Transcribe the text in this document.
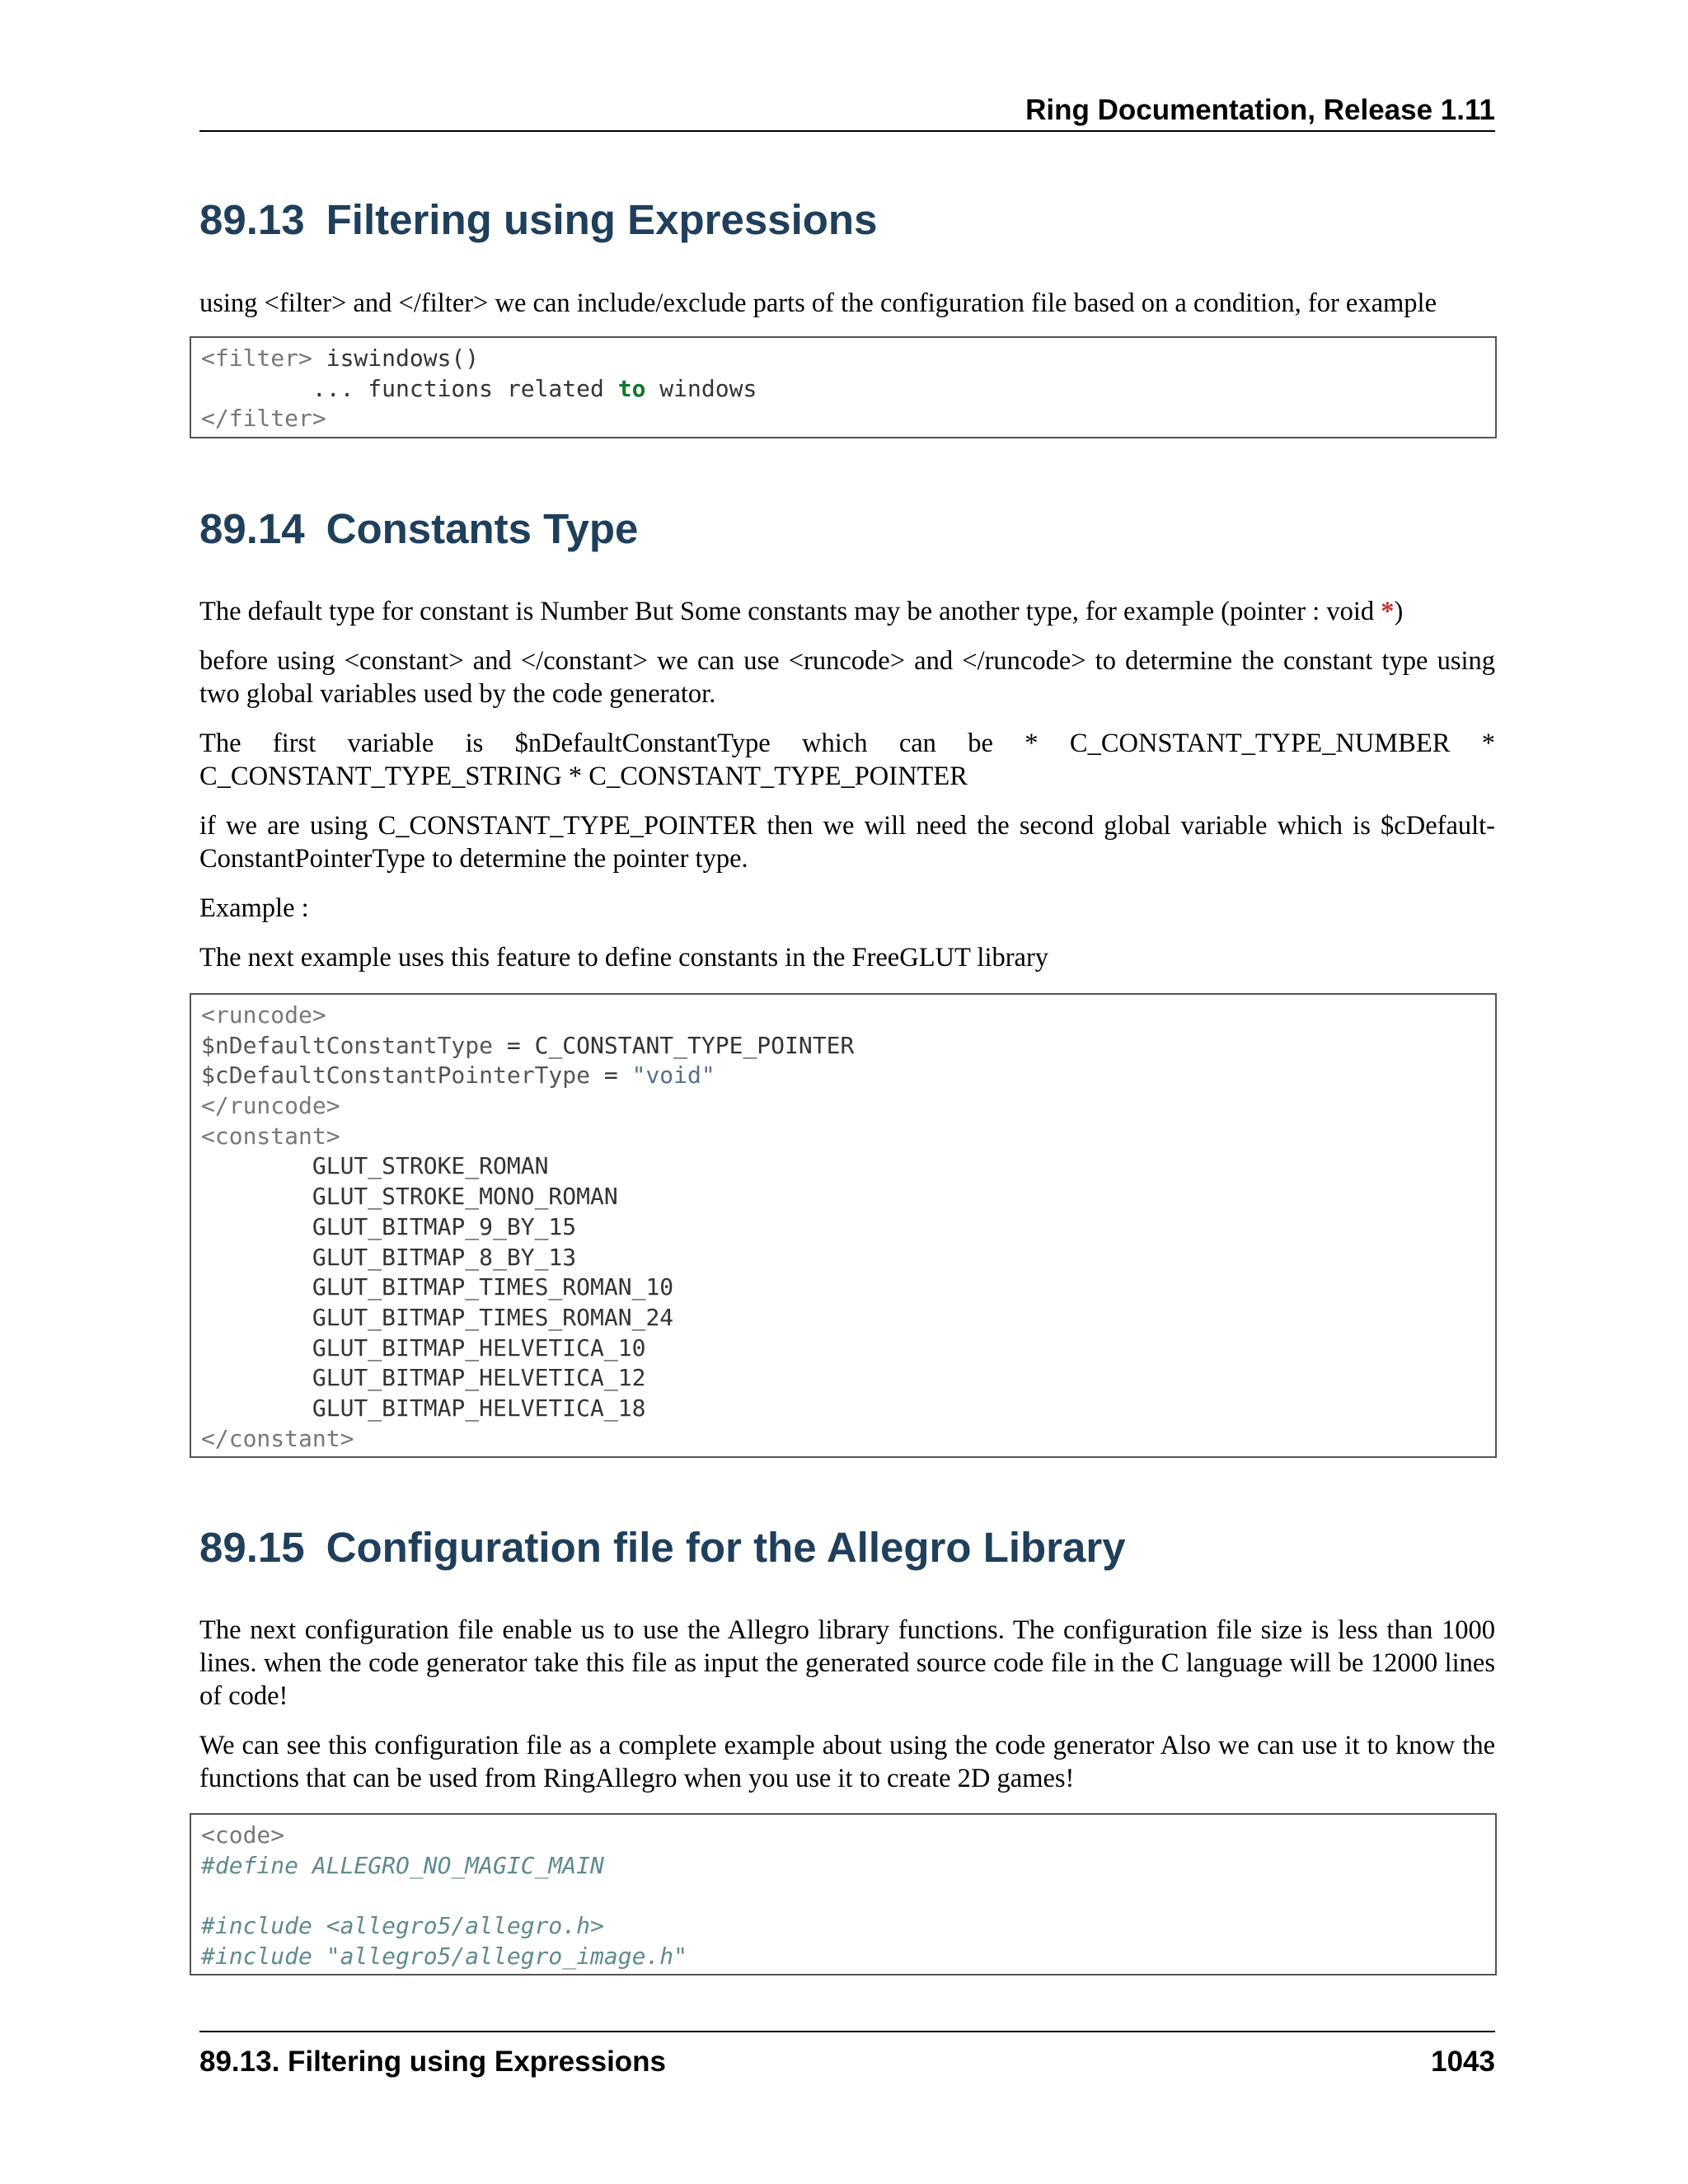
Ring Documentation, Release 1.11
89.13 Filtering using Expressions

using <filter> and </filter> we can include/exclude parts of the configuration file based on a condition, for example

<filter> iswindows()
... functions related to windows
</filter>
89.14 Constants Type

The default type for constant is Number But Some constants may be another type, for example (pointer : void *)

before using <constant> and </constant> we can use <runcode> and </runcode> to determine the constant type using two global variables used by the code generator.

The first variable is $nDefaultConstantType which can be * C_CONSTANT_TYPE_NUMBER * C_CONSTANT_TYPE_STRING * C_CONSTANT_TYPE_POINTER

if we are using C_CONSTANT_TYPE_POINTER then we will need the second global variable which is $cDefault-ConstantPointerType to determine the pointer type.

Example :

The next example uses this feature to define constants in the FreeGLUT library

<runcode>
$nDefaultConstantType = C_CONSTANT_TYPE_POINTER
$cDefaultConstantPointerType = "void"
</runcode>
<constant>
GLUT_STROKE_ROMAN
GLUT_STROKE_MONO_ROMAN
GLUT_BITMAP_9_BY_15
GLUT_BITMAP_8_BY_13
GLUT_BITMAP_TIMES_ROMAN_10
GLUT_BITMAP_TIMES_ROMAN_24
GLUT_BITMAP_HELVETICA_10
GLUT_BITMAP_HELVETICA_12
GLUT_BITMAP_HELVETICA_18
</constant>
89.15 Configuration file for the Allegro Library

The next configuration file enable us to use the Allegro library functions. The configuration file size is less than 1000 lines. when the code generator take this file as input the generated source code file in the C language will be 12000 lines of code!

We can see this configuration file as a complete example about using the code generator Also we can use it to know the functions that can be used from RingAllegro when you use it to create 2D games!

<code>
#define ALLEGRO_NO_MAGIC_MAIN
#include <allegro5/allegro.h>
#include "allegro5/allegro_image.h"
89.13. Filtering using Expressions	1043
